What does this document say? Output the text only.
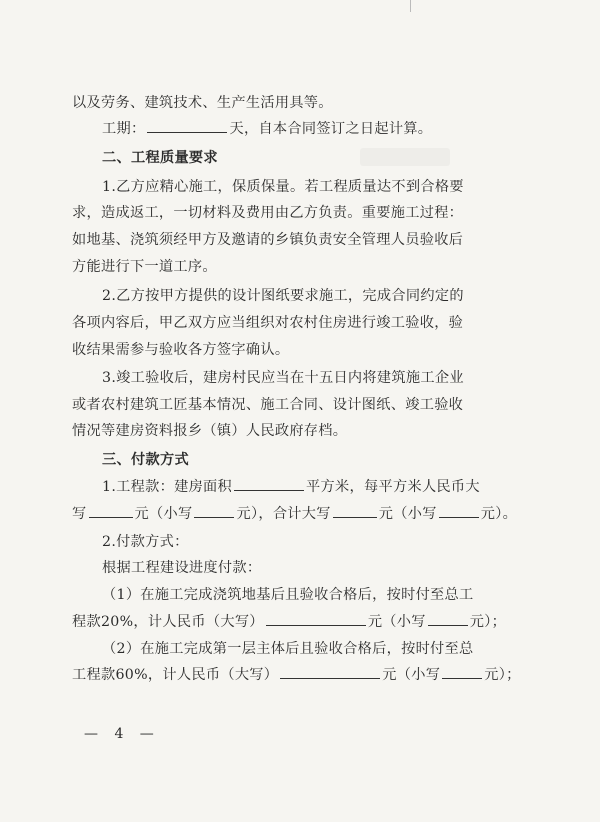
以及劳务、建筑技术、生产生活用具等。
工期：	天，自本合同签订之日起计算。
二、工程质量要求
1.乙方应精心施工，保质保量。若工程质量达不到合格要
求，造成返工，一切材料及费用由乙方负责。重要施工过程：
如地基、浇筑须经甲方及邀请的乡镇负责安全管理人员验收后
方能进行下一道工序。
2.乙方按甲方提供的设计图纸要求施工，完成合同约定的
各项内容后，甲乙双方应当组织对农村住房进行竣工验收，验
收结果需参与验收各方签字确认。
3.竣工验收后，建房村民应当在十五日内将建筑施工企业
或者农村建筑工匠基本情况、施工合同、设计图纸、竣工验收
情况等建房资料报乡（镇）人民政府存档。
三、付款方式
1.工程款：建房面积	平方米，每平方米人民币大
写	元（小写	元），合计大写	元（小写	元）。
2.付款方式：
根据工程建设进度付款：
（1）在施工完成浇筑地基后且验收合格后，按时付至总工
程款20%，计人民币（大写）	元（小写	元）；
（2）在施工完成第一层主体后且验收合格后，按时付至总
工程款60%，计人民币（大写）	元（小写	元）；
— 4 —
